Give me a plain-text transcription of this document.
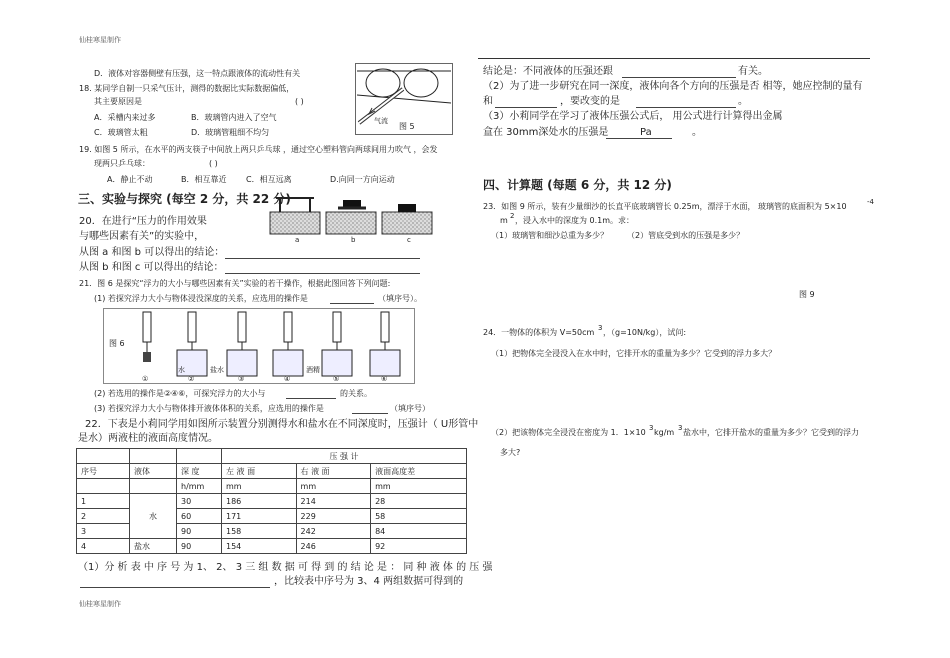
仙桂寒星制作
D．液体对容器侧壁有压强，这一特点跟液体的流动性有关
气流
图 5
18. 某同学自制一只采气压计，测得的数据比实际数据偏低，
其主要原因是	( )
A．采槽内来过多	B．玻璃管内进入了空气
C．玻璃管太粗	D．玻璃管粗细不均匀
19. 如图 5 所示，在水平的两支筷子中间放上两只乒乓球 ，通过空心塑料管向两球间用力吹气 ，会发
现两只乒乓球：	( )
A．静止不动	B．相互靠近 C．相互远离	D.向同一方向运动
三、实验与探究 (每空 2 分，共 22 分)
20．在进行“压力的作用效果
与哪些因素有关”的实验中，
从图 a 和图 b 可以得出的结论：
从图 b 和图 c 可以得出的结论：
a	b	c
21．图 6 是探究“浮力的大小与哪些因素有关”实验的若干操作，根据此图回答下列问题:
(1) 若探究浮力大小与物体浸没深度的关系，应选用的操作是	（填序号）。
图 6
水	盐水	酒精
①	②	③	④	⑤	⑥
(2) 若选用的操作是②④⑥，可探究浮力的大小与	的关系。
(3) 若探究浮力大小与物体排开液体体积的关系，应选用的操作是	（填序号）
22．下表是小莉同学用如图所示装置分别测得水和盐水在不同深度时，压强计（ U形管中
是水）两液柱的液面高度情况。
			压 强 计		
序号	液体	深 度	左 液 面	右 液 面	液面高度差
		h/mm	mm	mm	mm
1	水	30	186	214	28
2		60	171	229	58
3		90	158	242	84
4	盐水	90	154	246	92
（1）分 析 表 中 序 号 为 1、 2、 3 三 组 数 据 可 得 到 的 结 论 是 ： 同 种 液 体 的 压 强
，比较表中序号为 3、4 两组数据可得到的
仙桂寒星制作
结论是：不同液体的压强还跟	有关。
（2）为了进一步研究在同一深度，液体向各个方向的压强是否 相等，她应控制的量有
和	，要改变的是	。
（3）小莉同学在学习了液体压强公式后， 用公式进行计算得出金属
盒在 30mm深处水的压强是	Pa	。
四、计算题 (每题 6 分，共 12 分)
23．如图 9 所示，装有少量细沙的长直平底玻璃管长 0.25m，漂浮于水面， 玻璃管的底面积为 5×10	-4
m 2 ，浸入水中的深度为 0.1m。求：
（1）玻璃管和细沙总重为多少？ （2）管底受到水的压强是多少？
图 9
24．一物体的体积为 V=50cm 3 ，（g=10N/kg），试问:
（1）把物体完全浸没入在水中时，它排开水的重量为多少？它受到的浮力多大？
（2）把该物体完全浸没在密度为 1．1×10 3 kg/m 3 盐水中，它排开盐水的重量为多少？它受到的浮力
多大?
